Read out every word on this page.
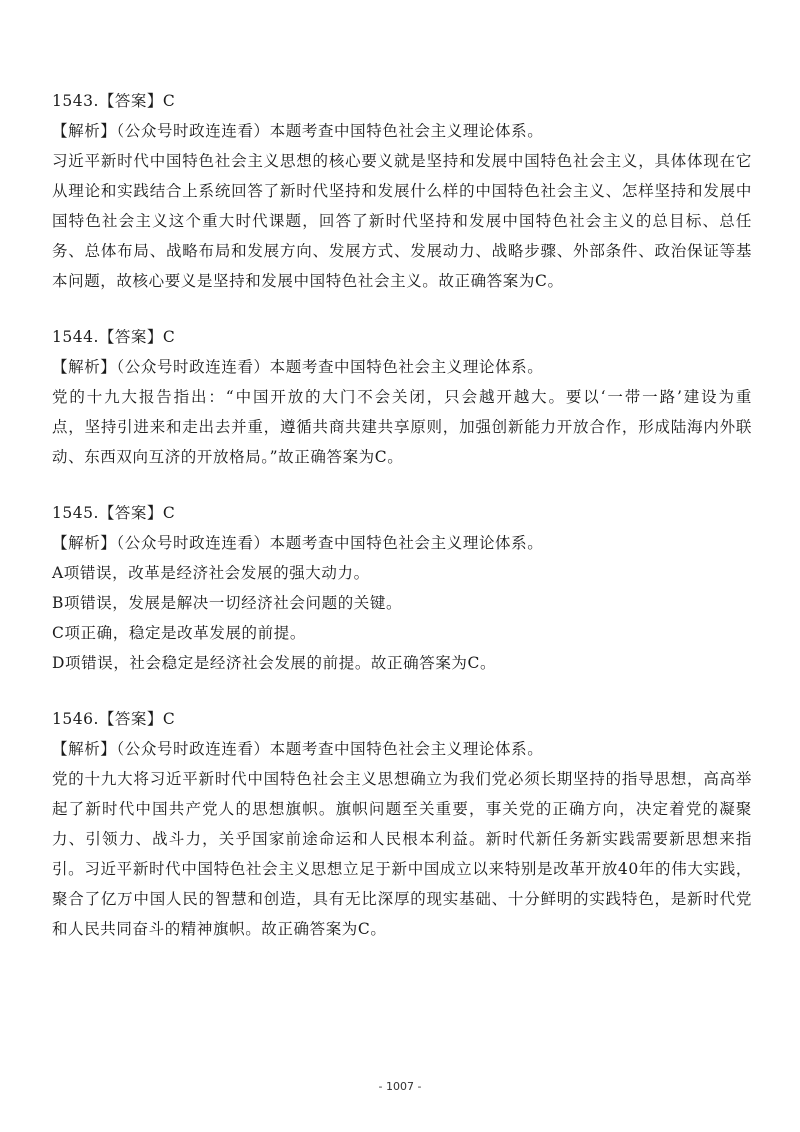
1543.【答案】C
【解析】（公众号时政连连看）本题考查中国特色社会主义理论体系。
习近平新时代中国特色社会主义思想的核心要义就是坚持和发展中国特色社会主义，具体体现在它
从理论和实践结合上系统回答了新时代坚持和发展什么样的中国特色社会主义、怎样坚持和发展中
国特色社会主义这个重大时代课题，回答了新时代坚持和发展中国特色社会主义的总目标、总任
务、总体布局、战略布局和发展方向、发展方式、发展动力、战略步骤、外部条件、政治保证等基
本问题，故核心要义是坚持和发展中国特色社会主义。故正确答案为C。
1544.【答案】C
【解析】（公众号时政连连看）本题考查中国特色社会主义理论体系。
党的十九大报告指出：“中国开放的大门不会关闭，只会越开越大。要以‘一带一路’建设为重
点，坚持引进来和走出去并重，遵循共商共建共享原则，加强创新能力开放合作，形成陆海内外联
动、东西双向互济的开放格局。”故正确答案为C。
1545.【答案】C
【解析】（公众号时政连连看）本题考查中国特色社会主义理论体系。
A项错误，改革是经济社会发展的强大动力。
B项错误，发展是解决一切经济社会问题的关键。
C项正确，稳定是改革发展的前提。
D项错误，社会稳定是经济社会发展的前提。故正确答案为C。
1546.【答案】C
【解析】（公众号时政连连看）本题考查中国特色社会主义理论体系。
党的十九大将习近平新时代中国特色社会主义思想确立为我们党必须长期坚持的指导思想，高高举
起了新时代中国共产党人的思想旗帜。旗帜问题至关重要，事关党的正确方向，决定着党的凝聚
力、引领力、战斗力，关乎国家前途命运和人民根本利益。新时代新任务新实践需要新思想来指
引。习近平新时代中国特色社会主义思想立足于新中国成立以来特别是改革开放40年的伟大实践，
聚合了亿万中国人民的智慧和创造，具有无比深厚的现实基础、十分鲜明的实践特色，是新时代党
和人民共同奋斗的精神旗帜。故正确答案为C。
- 1007 -
